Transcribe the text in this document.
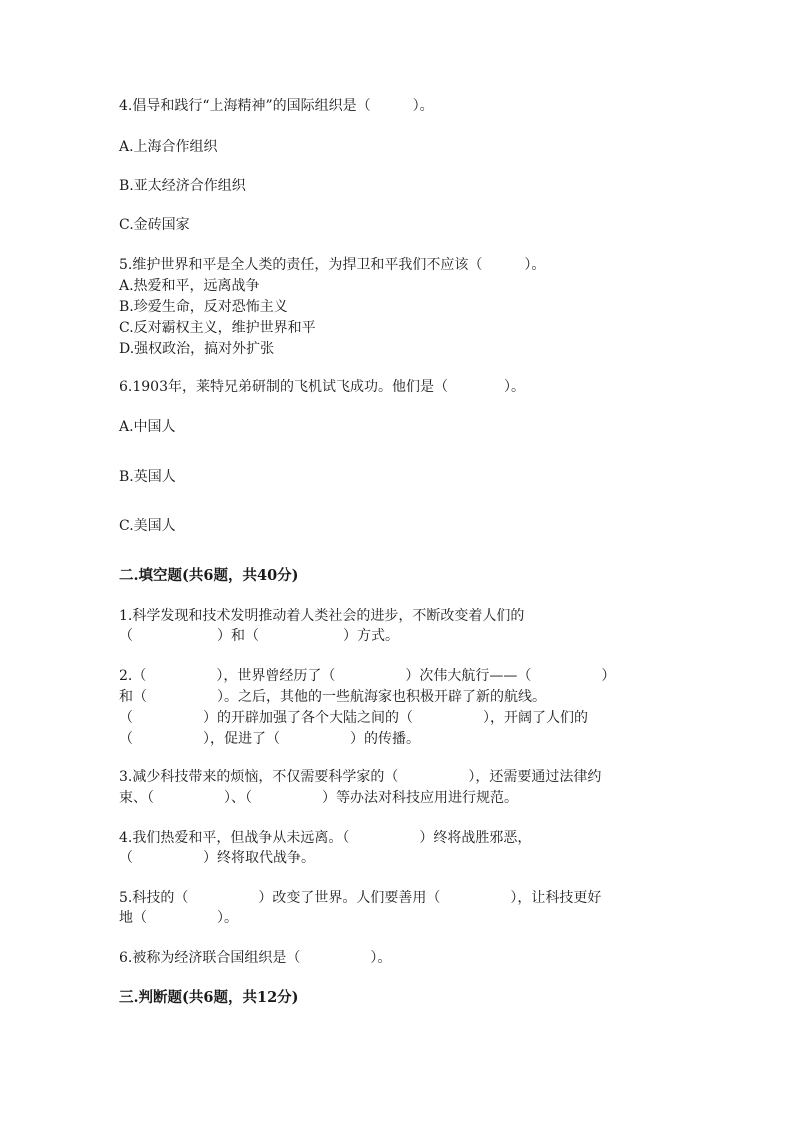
4.倡导和践行“上海精神”的国际组织是（　　　）。

A.上海合作组织

B.亚太经济合作组织

C.金砖国家

5.维护世界和平是全人类的责任，为捍卫和平我们不应该（　　　）。

A.热爱和平，远离战争

B.珍爱生命，反对恐怖主义

C.反对霸权主义，维护世界和平

D.强权政治，搞对外扩张

6.1903年，莱特兄弟研制的飞机试飞成功。他们是（　　　　）。

A.中国人

B.英国人

C.美国人

二.填空题(共6题，共40分)

1.科学发现和技术发明推动着人类社会的进步，不断改变着人们的

（　　　　　　）和（　　　　　　）方式。

2.（　　　　　），世界曾经历了（　　　　　）次伟大航行——（　　　　　）

和（　　　　　）。之后，其他的一些航海家也积极开辟了新的航线。

（　　　　　）的开辟加强了各个大陆之间的（　　　　　），开阔了人们的

（　　　　　），促进了（　　　　　）的传播。

3.减少科技带来的烦恼，不仅需要科学家的（　　　　　），还需要通过法律约

束、（　　　　　）、（　　　　　）等办法对科技应用进行规范。

4.我们热爱和平，但战争从未远离。（　　　　　）终将战胜邪恶，

（　　　　　）终将取代战争。

5.科技的（　　　　　）改变了世界。人们要善用（　　　　　），让科技更好

地（　　　　　）。

6.被称为经济联合国组织是（　　　　　）。

三.判断题(共6题，共12分)
